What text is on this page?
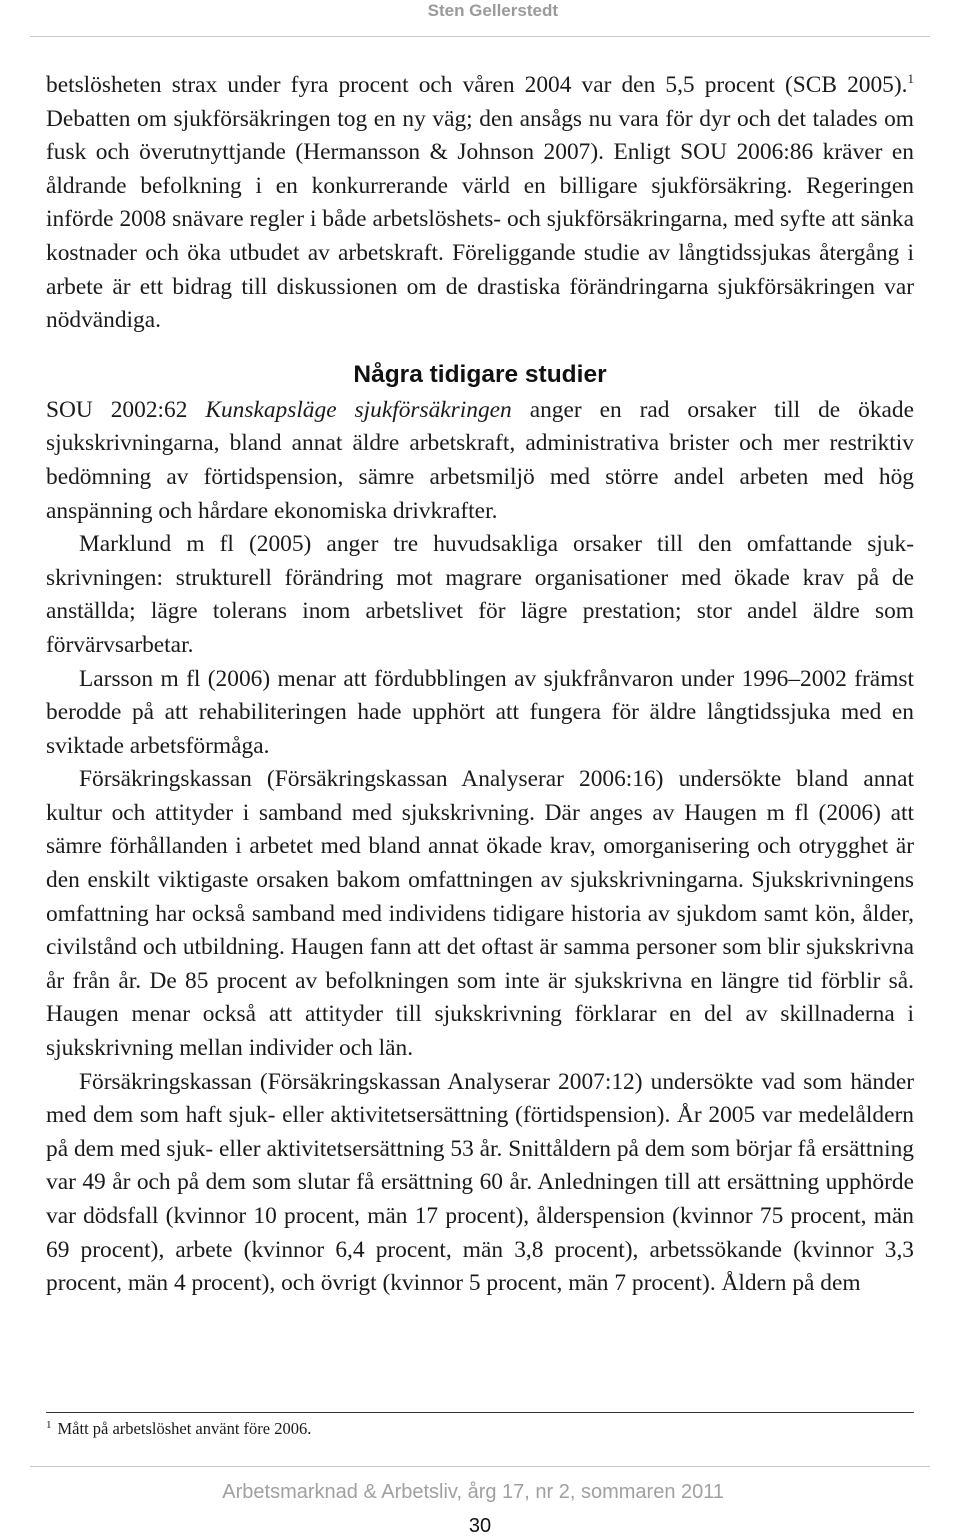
Sten Gellerstedt

betslösheten strax under fyra procent och våren 2004 var den 5,5 procent (SCB 2005).$^1$ Debatten om sjukförsäkringen tog en ny väg; den ansågs nu vara för dyr och det talades om fusk och överutnyttjande (Hermansson & Johnson 2007). Enligt SOU 2006:86 kräver en åldrande befolkning i en konkurrerande värld en billigare sjukförsäkring. Regeringen införde 2008 snävare regler i både arbetslöshets- och sjukförsäkringarna, med syfte att sänka kostnader och öka utbudet av arbetskraft. Föreliggande studie av långtidssjukas återgång i arbete är ett bidrag till diskussionen om de drastiska förändringarna sjukförsäkringen var nödvändiga.

Några tidigare studier

SOU 2002:62 Kunskapsläge sjukförsäkringen anger en rad orsaker till de ökade sjukskrivningarna, bland annat äldre arbetskraft, administrativa brister och mer restriktiv bedömning av förtidspension, sämre arbetsmiljö med större andel arbeten med hög anspänning och hårdare ekonomiska drivkrafter.

Marklund m fl (2005) anger tre huvudsakliga orsaker till den omfattande sjukskrivningen: strukturell förändring mot magrare organisationer med ökade krav på de anställda; lägre tolerans inom arbetslivet för lägre prestation; stor andel äldre som förvärvsarbetar.

Larsson m fl (2006) menar att fördubblingen av sjukfrånvaron under 1996–2002 främst berodde på att rehabiliteringen hade upphört att fungera för äldre långtidssjuka med en sviktade arbetsförmåga.

Försäkringskassan (Försäkringskassan Analyserar 2006:16) undersökte bland annat kultur och attityder i samband med sjukskrivning. Där anges av Haugen m fl (2006) att sämre förhållanden i arbetet med bland annat ökade krav, omorganisering och otrygghet är den enskilt viktigaste orsaken bakom omfattningen av sjukskrivningarna. Sjukskrivningens omfattning har också samband med individens tidigare historia av sjukdom samt kön, ålder, civilstånd och utbildning. Haugen fann att det oftast är samma personer som blir sjukskrivna år från år. De 85 procent av befolkningen som inte är sjukskrivna en längre tid förblir så. Haugen menar också att attityder till sjukskrivning förklarar en del av skillnaderna i sjukskrivning mellan individer och län.

Försäkringskassan (Försäkringskassan Analyserar 2007:12) undersökte vad som händer med dem som haft sjuk- eller aktivitetsersättning (förtidspension). År 2005 var medelåldern på dem med sjuk- eller aktivitetsersättning 53 år. Snittåldern på dem som börjar få ersättning var 49 år och på dem som slutar få ersättning 60 år. Anledningen till att ersättning upphörde var dödsfall (kvinnor 10 procent, män 17 procent), ålderspension (kvinnor 75 procent, män 69 procent), arbete (kvinnor 6,4 procent, män 3,8 procent), arbetssökande (kvinnor 3,3 procent, män 4 procent), och övrigt (kvinnor 5 procent, män 7 procent). Åldern på dem

$^1$ Mått på arbetslöshet använt före 2006.
Arbetsmarknad & Arbetsliv, årg 17, nr 2, sommaren 2011
30
